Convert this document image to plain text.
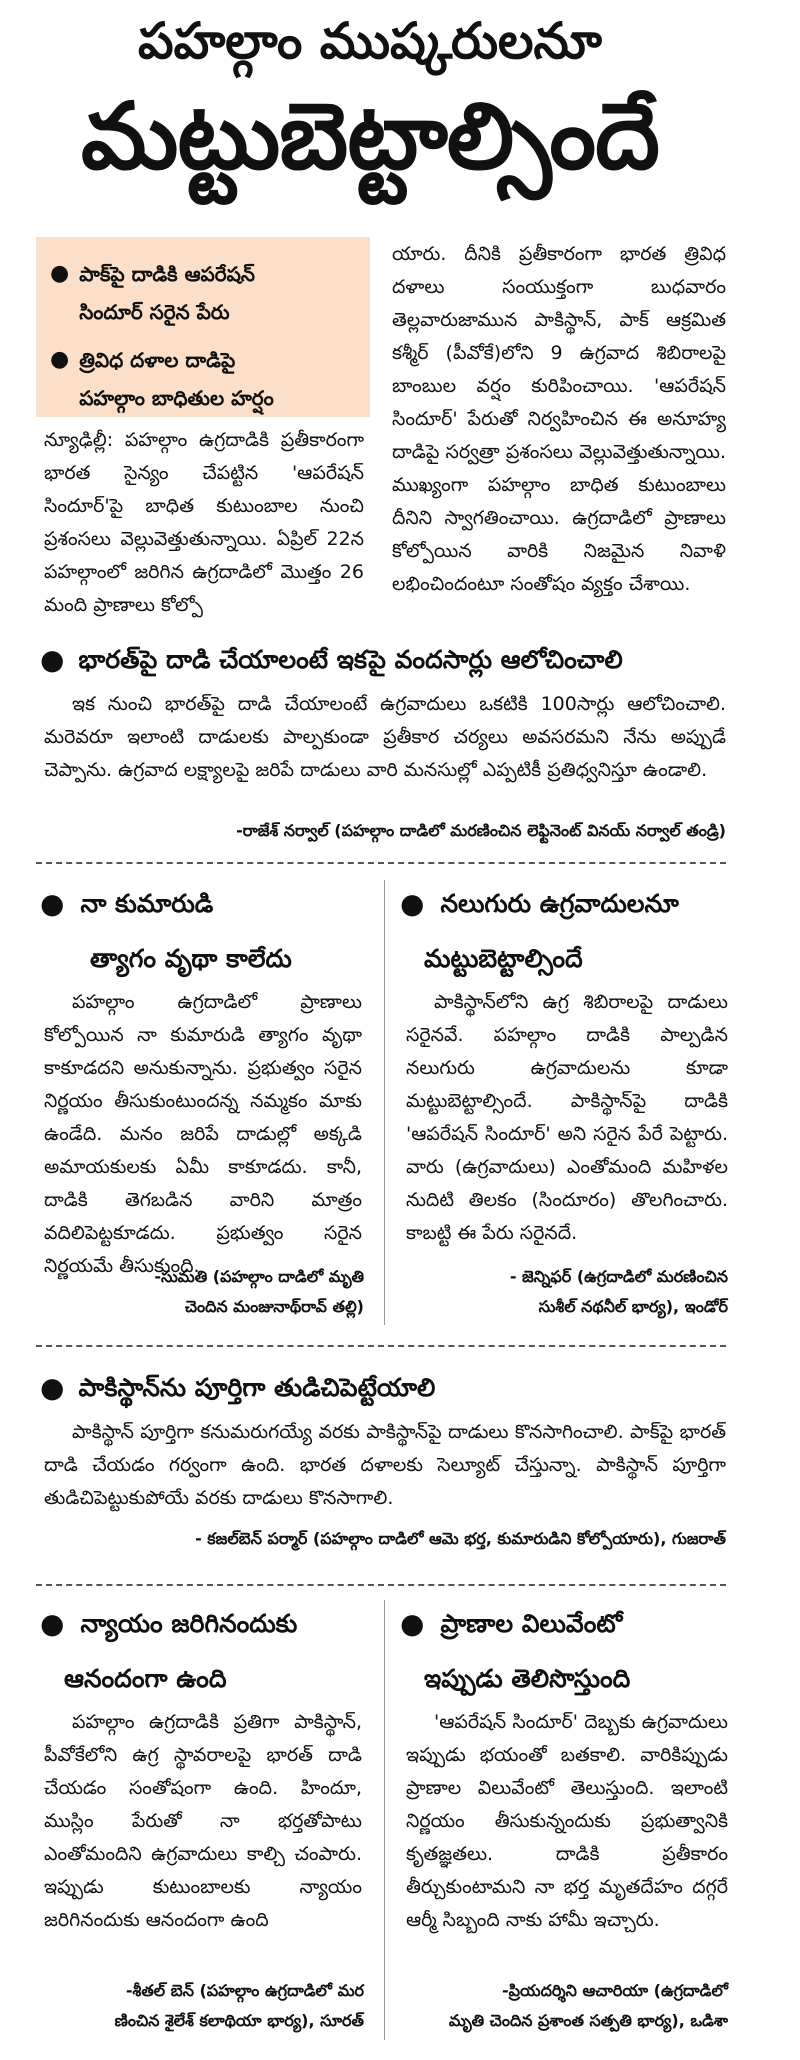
పహల్గాం ముష్కరులనూ
మట్టుబెట్టాల్సిందే
● పాక్‌పై దాడికి ఆపరేషన్
సిందూర్ సరైన పేరు
● త్రివిధ దళాల దాడిపై
పహల్గాం బాధితుల హర్షం
న్యూఢిల్లీ: పహల్గాం ఉగ్రదాడికి ప్రతీకారంగా భారత సైన్యం చేపట్టిన 'ఆపరేషన్ సిందూర్'పై బాధిత కుటుంబాల నుంచి ప్రశంసలు వెల్లువెత్తుతున్నాయి. ఏప్రిల్ 22న పహల్గాంలో జరిగిన ఉగ్రదాడిలో మొత్తం 26 మంది ప్రాణాలు కోల్పో
యారు. దీనికి ప్రతీకారంగా భారత త్రివిధ దళాలు సంయుక్తంగా బుధవారం తెల్లవారుజామున పాకిస్థాన్, పాక్ ఆక్రమిత కశ్మీర్ (పీవోకే)లోని 9 ఉగ్రవాద శిబిరాలపై బాంబుల వర్షం కురిపించాయి. 'ఆపరేషన్ సిందూర్' పేరుతో నిర్వహించిన ఈ అనూహ్య దాడిపై సర్వత్రా ప్రశంసలు వెల్లువెత్తుతున్నాయి. ముఖ్యంగా పహల్గాం బాధిత కుటుంబాలు దీనిని స్వాగతించాయి. ఉగ్రదాడిలో ప్రాణాలు కోల్పోయిన వారికి నిజమైన నివాళి లభించిందంటూ సంతోషం వ్యక్తం చేశాయి.
● భారత్‌పై దాడి చేయాలంటే ఇకపై వందసార్లు ఆలోచించాలి
ఇక నుంచి భారత్‌పై దాడి చేయాలంటే ఉగ్రవాదులు ఒకటికి 100సార్లు ఆలోచించాలి. మరెవరూ ఇలాంటి దాడులకు పాల్పకుండా ప్రతీకార చర్యలు అవసరమని నేను అప్పుడే చెప్పాను. ఉగ్రవాద లక్ష్యాలపై జరిపే దాడులు వారి మనసుల్లో ఎప్పటికీ ప్రతిధ్వనిస్తూ ఉండాలి.
-రాజేశ్ నర్వాల్ (పహల్గాం దాడిలో మరణించిన లెఫ్టినెంట్ వినయ్ నర్వాల్ తండ్రి)
● నా కుమారుడి
త్యాగం వృథా కాలేదు
పహల్గాం ఉగ్రదాడిలో ప్రాణాలు కోల్పోయిన నా కుమారుడి త్యాగం వృథా కాకూడదని అనుకున్నాను. ప్రభుత్వం సరైన నిర్ణయం తీసుకుంటుందన్న నమ్మకం మాకు ఉండేది. మనం జరిపే దాడుల్లో అక్కడి అమాయకులకు ఏమీ కాకూడదు. కానీ, దాడికి తెగబడిన వారిని మాత్రం వదిలిపెట్టకూడదు. ప్రభుత్వం సరైన నిర్ణయమే తీసుకుంది.
-సుమతి (పహల్గాం దాడిలో మృతి
చెందిన మంజునాథ్‌రావ్ తల్లి)
● నలుగురు ఉగ్రవాదులనూ
మట్టుబెట్టాల్సిందే
పాకిస్థాన్‌లోని ఉగ్ర శిబిరాలపై దాడులు సరైనవే. పహల్గాం దాడికి పాల్పడిన నలుగురు ఉగ్రవాదులను కూడా మట్టుబెట్టాల్సిందే. పాకిస్థాన్‌పై దాడికి 'ఆపరేషన్ సిందూర్' అని సరైన పేరే పెట్టారు. వారు (ఉగ్రవాదులు) ఎంతోమంది మహిళల నుదిటి తిలకం (సిందూరం) తొలగించారు. కాబట్టి ఈ పేరు సరైనదే.
- జెన్నిఫర్ (ఉగ్రదాడిలో మరణించిన
సుశీల్ నథనీల్ భార్య), ఇండోర్
● పాకిస్థాన్‌ను పూర్తిగా తుడిచిపెట్టేయాలి
పాకిస్థాన్ పూర్తిగా కనుమరుగయ్యే వరకు పాకిస్థాన్‌పై దాడులు కొనసాగించాలి. పాక్‌పై భారత్ దాడి చేయడం గర్వంగా ఉంది. భారత దళాలకు సెల్యూట్ చేస్తున్నా. పాకిస్థాన్ పూర్తిగా తుడిచిపెట్టుకుపోయే వరకు దాడులు కొనసాగాలి.
- కజల్‌బెన్ పర్మార్ (పహల్గాం దాడిలో ఆమె భర్త, కుమారుడిని కోల్పోయారు), గుజరాత్
● న్యాయం జరిగినందుకు
ఆనందంగా ఉంది
పహల్గాం ఉగ్రదాడికి ప్రతిగా పాకిస్థాన్, పీవోకేలోని ఉగ్ర స్థావరాలపై భారత్ దాడి చేయడం సంతోషంగా ఉంది. హిందూ, ముస్లిం పేరుతో నా భర్తతోపాటు ఎంతోమందిని ఉగ్రవాదులు కాల్చి చంపారు. ఇప్పుడు కుటుంబాలకు న్యాయం జరిగినందుకు ఆనందంగా ఉంది
-శీతల్ బెన్ (పహల్గాం ఉగ్రదాడిలో మర
ణించిన శైలేశ్ కలాథియా భార్య), సూరత్
● ప్రాణాల విలువేంటో
ఇప్పుడు తెలిసొస్తుంది
'ఆపరేషన్ సిందూర్' దెబ్బకు ఉగ్రవాదులు ఇప్పుడు భయంతో బతకాలి. వారికిప్పుడు ప్రాణాల విలువేంటో తెలుస్తుంది. ఇలాంటి నిర్ణయం తీసుకున్నందుకు ప్రభుత్వానికి కృతజ్ఞతలు. దాడికి ప్రతీకారం తీర్చుకుంటామని నా భర్త మృతదేహం దగ్గరే ఆర్మీ సిబ్బంది నాకు హామీ ఇచ్చారు.
-ప్రియదర్శిని ఆచారియా (ఉగ్రదాడిలో
మృతి చెందిన ప్రశాంత సత్పతి భార్య), ఒడిశా
